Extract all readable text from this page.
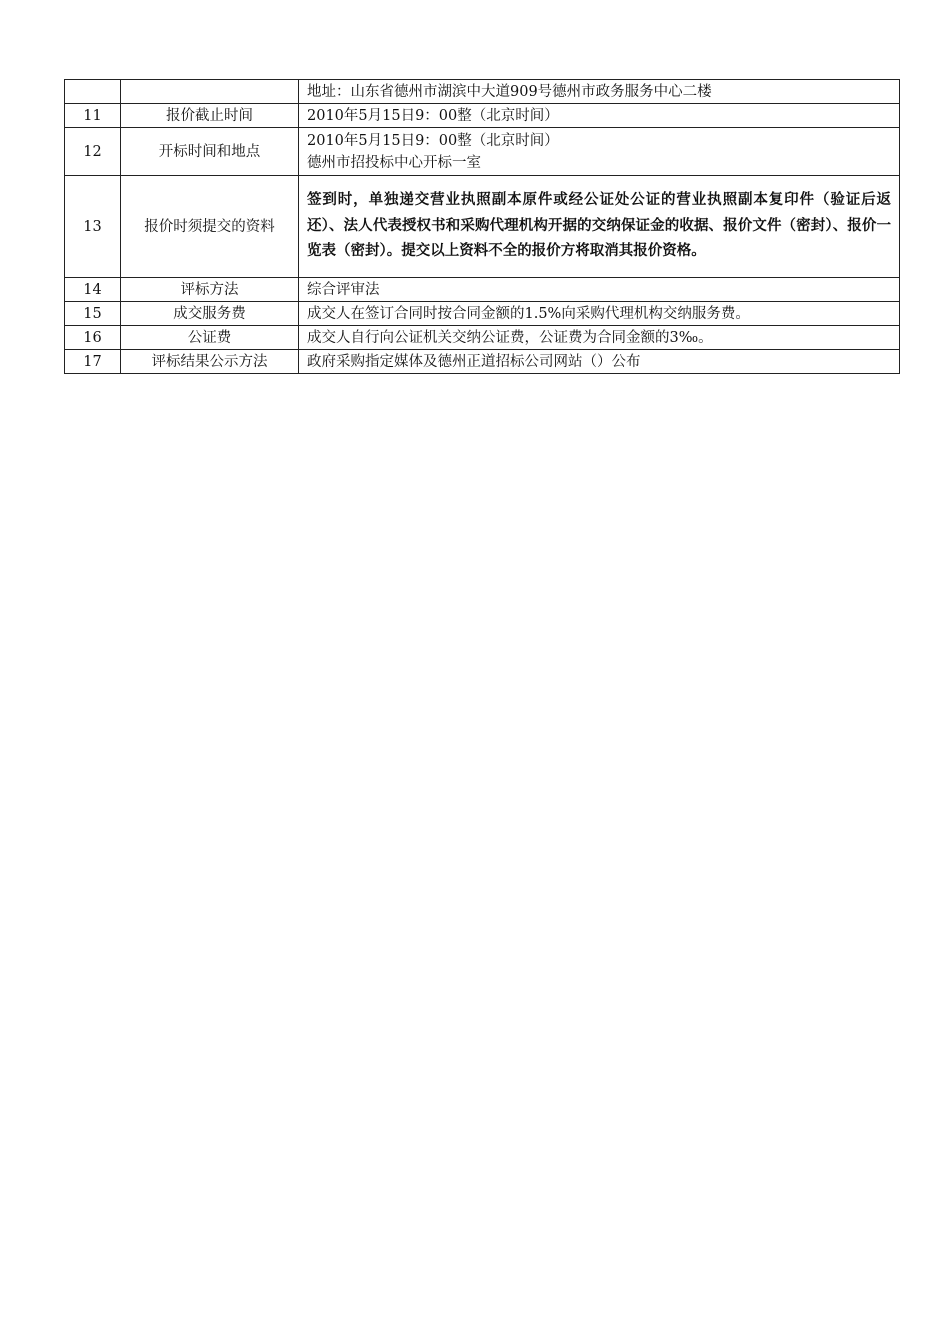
		地址：山东省德州市湖滨中大道909号德州市政务服务中心二楼

11	报价截止时间	2010年5月15日9：00整（北京时间）

12	开标时间和地点	2010年5月15日9：00整（北京时间）
德州市招投标中心开标一室

13	报价时须提交的资料	签到时，单独递交营业执照副本原件或经公证处公证的营业执照副本复印件（验证后返还）、法人代表授权书和采购代理机构开据的交纳保证金的收据、报价文件（密封）、报价一览表（密封）。提交以上资料不全的报价方将取消其报价资格。
14	评标方法	综合评审法

15	成交服务费	成交人在签订合同时按合同金额的1.5%向采购代理机构交纳服务费。

16	公证费	成交人自行向公证机关交纳公证费，公证费为合同金额的3‰。

17	评标结果公示方法	政府采购指定媒体及德州正道招标公司网站（）公布
